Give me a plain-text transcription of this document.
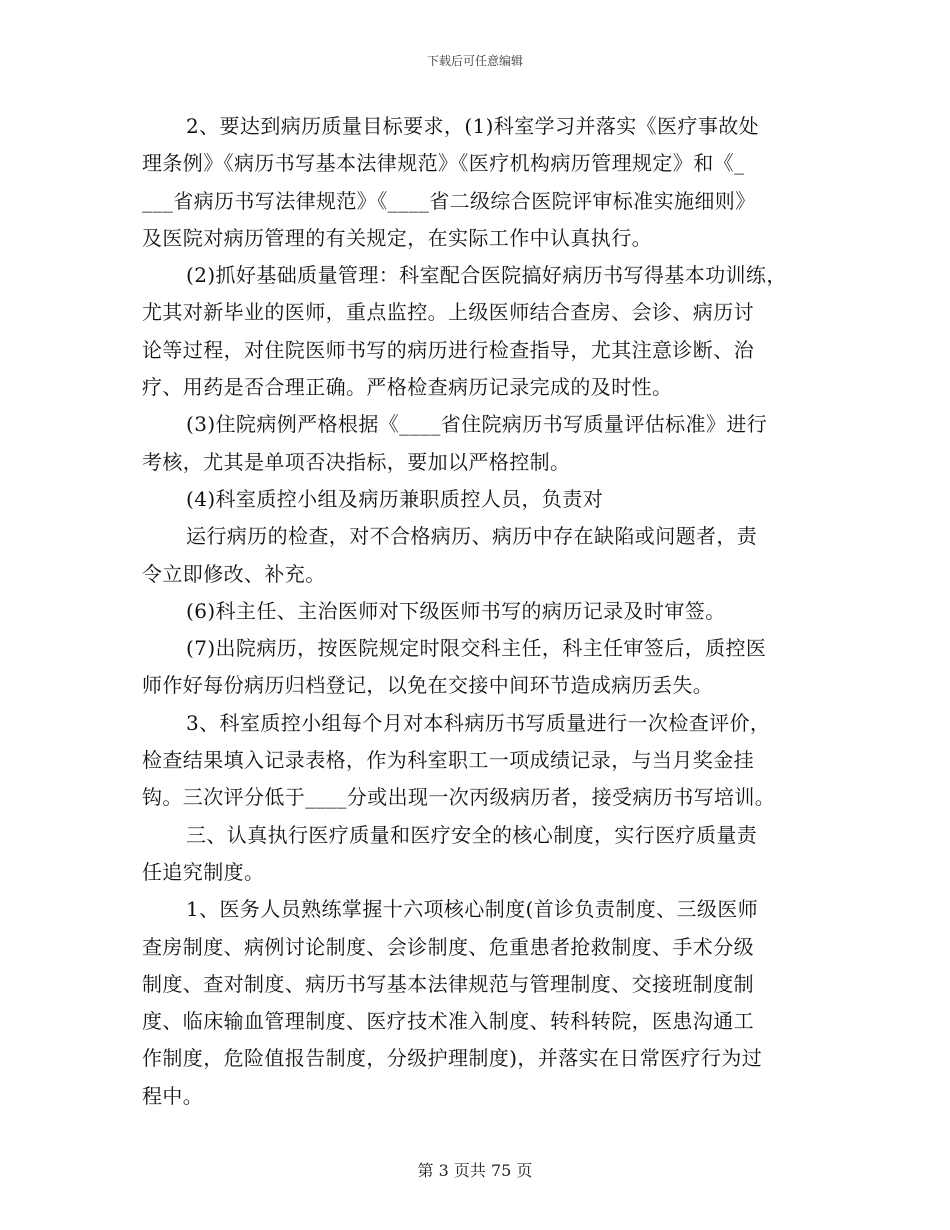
下载后可任意编辑
2、要达到病历质量目标要求，(1)科室学习并落实《医疗事故处
理条例》《病历书写基本法律规范》《医疗机构病历管理规定》和《_
___省病历书写法律规范》《____省二级综合医院评审标准实施细则》
及医院对病历管理的有关规定，在实际工作中认真执行。
(2)抓好基础质量管理：科室配合医院搞好病历书写得基本功训练，
尤其对新毕业的医师，重点监控。上级医师结合查房、会诊、病历讨
论等过程，对住院医师书写的病历进行检查指导，尤其注意诊断、治
疗、用药是否合理正确。严格检查病历记录完成的及时性。
(3)住院病例严格根据《____省住院病历书写质量评估标准》进行
考核，尤其是单项否决指标，要加以严格控制。
(4)科室质控小组及病历兼职质控人员，负责对
运行病历的检查，对不合格病历、病历中存在缺陷或问题者，责
令立即修改、补充。
(6)科主任、主治医师对下级医师书写的病历记录及时审签。
(7)出院病历，按医院规定时限交科主任，科主任审签后，质控医
师作好每份病历归档登记，以免在交接中间环节造成病历丢失。
3、科室质控小组每个月对本科病历书写质量进行一次检查评价，
检查结果填入记录表格，作为科室职工一项成绩记录，与当月奖金挂
钩。三次评分低于____分或出现一次丙级病历者，接受病历书写培训。
三、认真执行医疗质量和医疗安全的核心制度，实行医疗质量责
任追究制度。
1、医务人员熟练掌握十六项核心制度(首诊负责制度、三级医师
查房制度、病例讨论制度、会诊制度、危重患者抢救制度、手术分级
制度、查对制度、病历书写基本法律规范与管理制度、交接班制度制
度、临床输血管理制度、医疗技术准入制度、转科转院，医患沟通工
作制度，危险值报告制度，分级护理制度)，并落实在日常医疗行为过
程中。
第 3 页共 75 页
